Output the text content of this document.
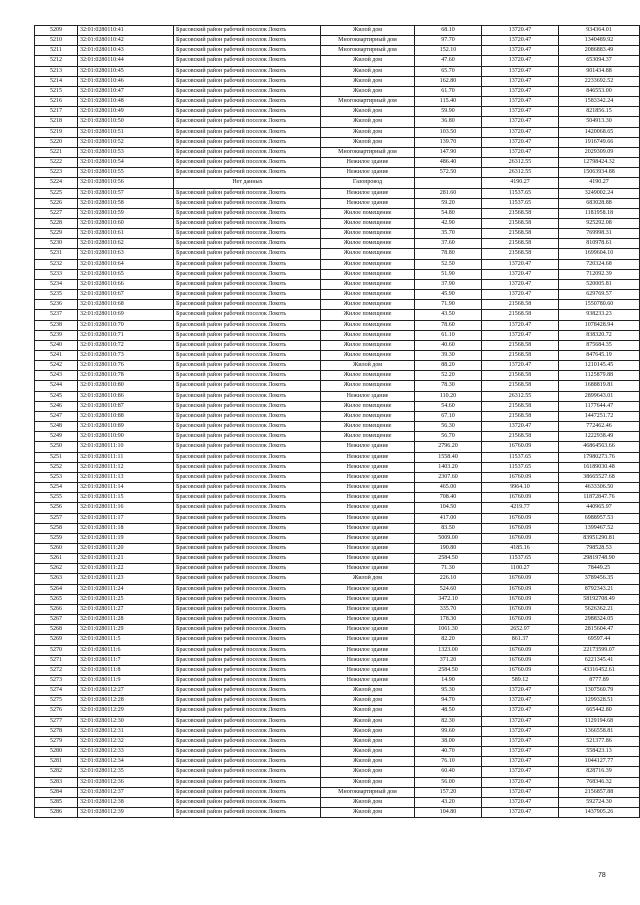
5209	32:01:0280110:41	Брасовский район рабочий поселок Локоть	Жилой дом	68.10	13720.47	934364.01
5210	32:01:0280110:42	Брасовский район рабочий поселок Локоть	Многоквартирный дом	97.70	13720.47	1340489.92
5211	32:01:0280110:43	Брасовский район рабочий поселок Локоть	Многоквартирный дом	152.10	13720.47	2086883.49
5212	32:01:0280110:44	Брасовский район рабочий поселок Локоть	Жилой дом	47.60	13720.47	653094.37
5213	32:01:0280110:45	Брасовский район рабочий поселок Локоть	Жилой дом	65.70	13720.47	901434.88
5214	32:01:0280110:46	Брасовский район рабочий поселок Локоть	Жилой дом	162.80	13720.47	2233692.52
5215	32:01:0280110:47	Брасовский район рабочий поселок Локоть	Жилой дом	61.70	13720.47	846553.00
5216	32:01:0280110:48	Брасовский район рабочий поселок Локоть	Многоквартирный дом	115.40	13720.47	1583342.24
5217	32:01:0280110:49	Брасовский район рабочий поселок Локоть	Жилой дом	59.90	13720.47	821856.15
5218	32:01:0280110:50	Брасовский район рабочий поселок Локоть	Жилой дом	36.80	13720.47	504913.30
5219	32:01:0280110:51	Брасовский район рабочий поселок Локоть	Жилой дом	103.50	13720.47	1420068.65
5220	32:01:0280110:52	Брасовский район рабочий поселок Локоть	Жилой дом	139.70	13720.47	1916749.66
5221	32:01:0280110:53	Брасовский район рабочий поселок Локоть	Многоквартирный дом	147.90	13720.47	2029309.09
5222	32:01:0280110:54	Брасовский район рабочий поселок Локоть	Нежилое здание	486.40	26312.55	12798424.32
5223	32:01:0280110:55	Брасовский район рабочий поселок Локоть	Нежилое здание	572.50	26312.55	15063934.88
5224	32:01:0280110:56	Нет данных	Газопровод		4190.27	4190.27
5225	32:01:0280110:57	Брасовский район рабочий поселок Локоть	Нежилое здание	281.60	11537.65	3249002.24
5226	32:01:0280110:58	Брасовский район рабочий поселок Локоть	Нежилое здание	59.20	11537.65	683028.88
5227	32:01:0280110:59	Брасовский район рабочий поселок Локоть	Жилое помещение	54.80	21568.58	1181958.18
5228	32:01:0280110:60	Брасовский район рабочий поселок Локоть	Жилое помещение	42.90	21568.58	925292.08
5229	32:01:0280110:61	Брасовский район рабочий поселок Локоть	Жилое помещение	35.70	21568.58	769998.31
5230	32:01:0280110:62	Брасовский район рабочий поселок Локоть	Жилое помещение	37.60	21568.58	810978.61
5231	32:01:0280110:63	Брасовский район рабочий поселок Локоть	Жилое помещение	78.80	21568.58	1699604.10
5232	32:01:0280110:64	Брасовский район рабочий поселок Локоть	Жилое помещение	52.50	13720.47	720324.68
5233	32:01:0280110:65	Брасовский район рабочий поселок Локоть	Жилое помещение	51.90	13720.47	712092.39
5234	32:01:0280110:66	Брасовский район рабочий поселок Локоть	Жилое помещение	37.90	13720.47	520005.81
5235	32:01:0280110:67	Брасовский район рабочий поселок Локоть	Жилое помещение	45.90	13720.47	629769.57
5236	32:01:0280110:68	Брасовский район рабочий поселок Локоть	Жилое помещение	71.90	21568.58	1550780.60
5237	32:01:0280110:69	Брасовский район рабочий поселок Локоть	Жилое помещение	43.50	21568.58	938233.23
5238	32:01:0280110:70	Брасовский район рабочий поселок Локоть	Жилое помещение	78.60	13720.47	1078428.94
5239	32:01:0280110:71	Брасовский район рабочий поселок Локоть	Жилое помещение	61.10	13720.47	838320.72
5240	32:01:0280110:72	Брасовский район рабочий поселок Локоть	Жилое помещение	40.60	21568.58	875684.35
5241	32:01:0280110:73	Брасовский район рабочий поселок Локоть	Жилое помещение	39.30	21568.58	847645.19
5242	32:01:0280110:76	Брасовский район рабочий поселок Локоть	Жилой дом	88.20	13720.47	1210145.45
5243	32:01:0280110:78	Брасовский район рабочий поселок Локоть	Жилое помещение	52.20	21568.58	1125879.88
5244	32:01:0280110:80	Брасовский район рабочий поселок Локоть	Жилое помещение	78.30	21568.58	1688819.81
5245	32:01:0280110:86	Брасовский район рабочий поселок Локоть	Нежилое здание	110.20	26312.55	2899643.01
5246	32:01:0280110:87	Брасовский район рабочий поселок Локоть	Жилое помещение	54.60	21568.58	1177644.47
5247	32:01:0280110:88	Брасовский район рабочий поселок Локоть	Жилое помещение	67.10	21568.58	1447251.72
5248	32:01:0280110:89	Брасовский район рабочий поселок Локоть	Жилое помещение	56.30	13720.47	772462.46
5249	32:01:0280110:90	Брасовский район рабочий поселок Локоть	Жилое помещение	56.70	21568.58	1222938.49
5250	32:01:0280111:10	Брасовский район рабочий поселок Локоть	Нежилое здание	2796.20	16760.09	46864563.66
5251	32:01:0280111:11	Брасовский район рабочий поселок Локоть	Нежилое здание	1558.40	11537.65	17980273.76
5252	32:01:0280111:12	Брасовский район рабочий поселок Локоть	Нежилое здание	1403.20	11537.65	16189030.48
5253	32:01:0280111:13	Брасовский район рабочий поселок Локоть	Нежилое здание	2307.60	16760.09	38665527.68
5254	32:01:0280111:14	Брасовский район рабочий поселок Локоть	Нежилое здание	465.00	9964.10	4633306.50
5255	32:01:0280111:15	Брасовский район рабочий поселок Локоть	Нежилое здание	708.40	16760.09	11872847.76
5256	32:01:0280111:16	Брасовский район рабочий поселок Локоть	Нежилое здание	104.50	4219.77	440965.97
5257	32:01:0280111:17	Брасовский район рабочий поселок Локоть	Нежилое здание	417.00	16760.09	6988957.53
5258	32:01:0280111:18	Брасовский район рабочий поселок Локоть	Нежилое здание	83.50	16760.09	1399467.52
5259	32:01:0280111:19	Брасовский район рабочий поселок Локоть	Нежилое здание	5009.00	16760.09	83951290.81
5260	32:01:0280111:20	Брасовский район рабочий поселок Локоть	Нежилое здание	190.80	4185.16	798528.53
5261	32:01:0280111:21	Брасовский район рабочий поселок Локоть	Нежилое здание	2584.50	11537.65	29819748.90
5262	32:01:0280111:22	Брасовский район рабочий поселок Локоть	Нежилое здание	71.30	1100.27	78449.25
5263	32:01:0280111:23	Брасовский район рабочий поселок Локоть	Жилой дом	226.10	16760.09	3789456.35
5264	32:01:0280111:24	Брасовский район рабочий поселок Локоть	Нежилое здание	524.60	16760.09	8792343.21
5265	32:01:0280111:25	Брасовский район рабочий поселок Локоть	Нежилое здание	3472.10	16760.09	58192708.49
5266	32:01:0280111:27	Брасовский район рабочий поселок Локоть	Нежилое здание	335.70	16760.09	5626362.21
5267	32:01:0280111:28	Брасовский район рабочий поселок Локоть	Нежилое здание	178.30	16760.09	2988324.05
5268	32:01:0280111:29	Брасовский район рабочий поселок Локоть	Нежилое здание	1061.30	2652.97	2815604.47
5269	32:01:0280111:5	Брасовский район рабочий поселок Локоть	Нежилое здание	82.20	861.37	69597.44
5270	32:01:0280111:6	Брасовский район рабочий поселок Локоть	Нежилое здание	1323.00	16760.09	22173599.07
5271	32:01:0280111:7	Брасовский район рабочий поселок Локоть	Нежилое здание	371.20	16760.09	6221345.41
5272	32:01:0280111:8	Брасовский район рабочий поселок Локоть	Нежилое здание	2584.50	16760.09	43316452.61
5273	32:01:0280111:9	Брасовский район рабочий поселок Локоть	Нежилое здание	14.90	589.12	8777.89
5274	32:01:0280112:27	Брасовский район рабочий поселок Локоть	Жилой дом	95.30	13720.47	1307560.79
5275	32:01:0280112:28	Брасовский район рабочий поселок Локоть	Жилой дом	94.70	13720.47	1299328.51
5276	32:01:0280112:29	Брасовский район рабочий поселок Локоть	Жилой дом	48.50	13720.47	665442.80
5277	32:01:0280112:30	Брасовский район рабочий поселок Локоть	Жилой дом	82.30	13720.47	1129194.68
5278	32:01:0280112:31	Брасовский район рабочий поселок Локоть	Жилой дом	99.60	13720.47	1366558.81
5279	32:01:0280112:32	Брасовский район рабочий поселок Локоть	Жилой дом	38.00	13720.47	521377.86
5280	32:01:0280112:33	Брасовский район рабочий поселок Локоть	Жилой дом	40.70	13720.47	558423.13
5281	32:01:0280112:34	Брасовский район рабочий поселок Локоть	Жилой дом	76.10	13720.47	1044127.77
5282	32:01:0280112:35	Брасовский район рабочий поселок Локоть	Жилой дом	60.40	13720.47	828716.39
5283	32:01:0280112:36	Брасовский район рабочий поселок Локоть	Жилой дом	56.00	13720.47	768346.32
5284	32:01:0280112:37	Брасовский район рабочий поселок Локоть	Многоквартирный дом	157.20	13720.47	2156857.88
5285	32:01:0280112:38	Брасовский район рабочий поселок Локоть	Жилой дом	43.20	13720.47	592724.30
5286	32:01:0280112:39	Брасовский район рабочий поселок Локоть	Жилой дом	104.80	13720.47	1437905.26
78
